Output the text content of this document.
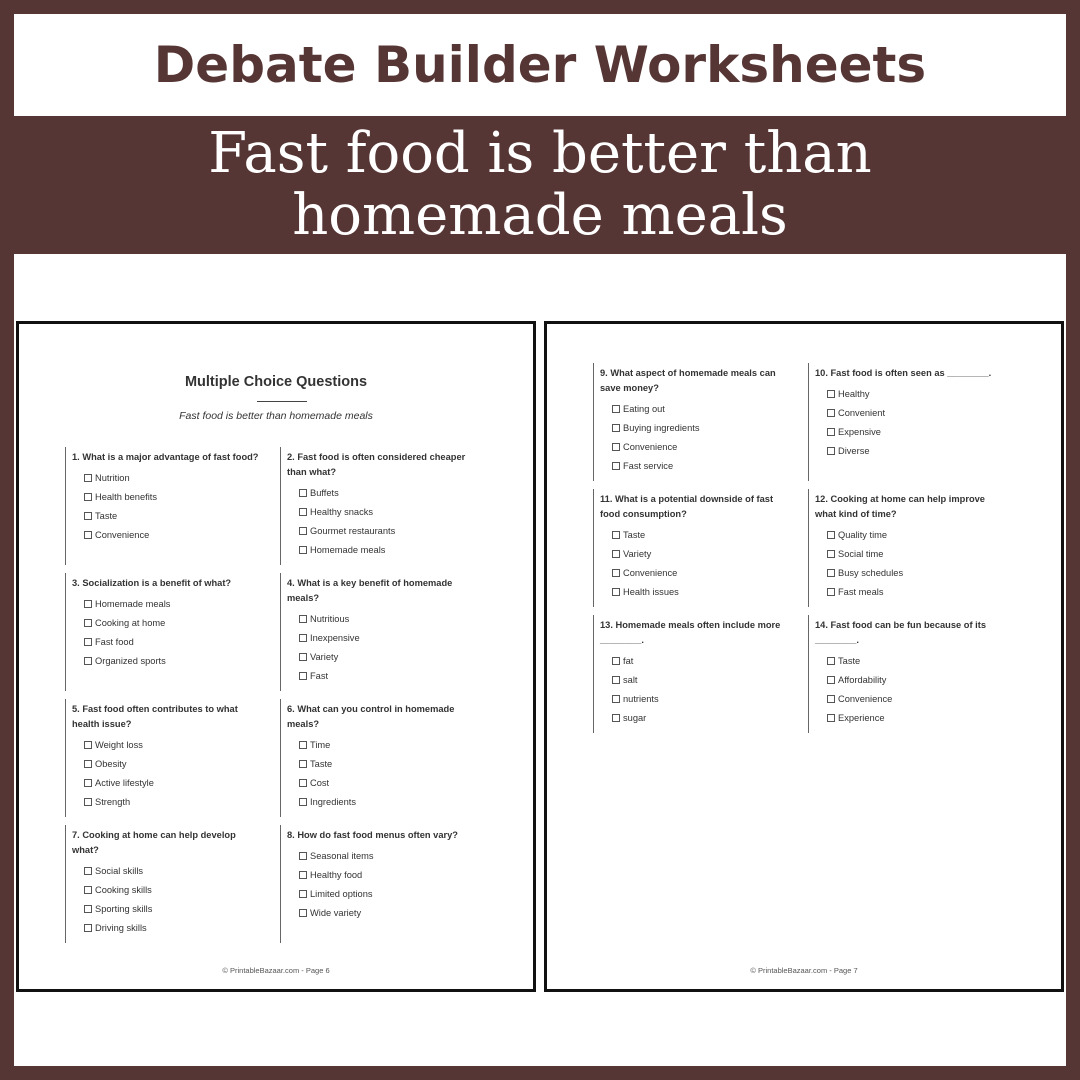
Debate Builder Worksheets
Fast food is better than
homemade meals
Multiple Choice Questions
Fast food is better than homemade meals
1. What is a major advantage of fast food?
Nutrition
Health benefits
Taste
Convenience
2. Fast food is often considered cheaper than what?
Buffets
Healthy snacks
Gourmet restaurants
Homemade meals
3. Socialization is a benefit of what?
Homemade meals
Cooking at home
Fast food
Organized sports
4. What is a key benefit of homemade meals?
Nutritious
Inexpensive
Variety
Fast
5. Fast food often contributes to what health issue?
Weight loss
Obesity
Active lifestyle
Strength
6. What can you control in homemade meals?
Time
Taste
Cost
Ingredients
7. Cooking at home can help develop what?
Social skills
Cooking skills
Sporting skills
Driving skills
8. How do fast food menus often vary?
Seasonal items
Healthy food
Limited options
Wide variety
© PrintableBazaar.com - Page 6
9. What aspect of homemade meals can save money?
Eating out
Buying ingredients
Convenience
Fast service
10. Fast food is often seen as ________.
Healthy
Convenient
Expensive
Diverse
11. What is a potential downside of fast food consumption?
Taste
Variety
Convenience
Health issues
12. Cooking at home can help improve what kind of time?
Quality time
Social time
Busy schedules
Fast meals
13. Homemade meals often include more ________.
fat
salt
nutrients
sugar
14. Fast food can be fun because of its ________.
Taste
Affordability
Convenience
Experience
© PrintableBazaar.com - Page 7
